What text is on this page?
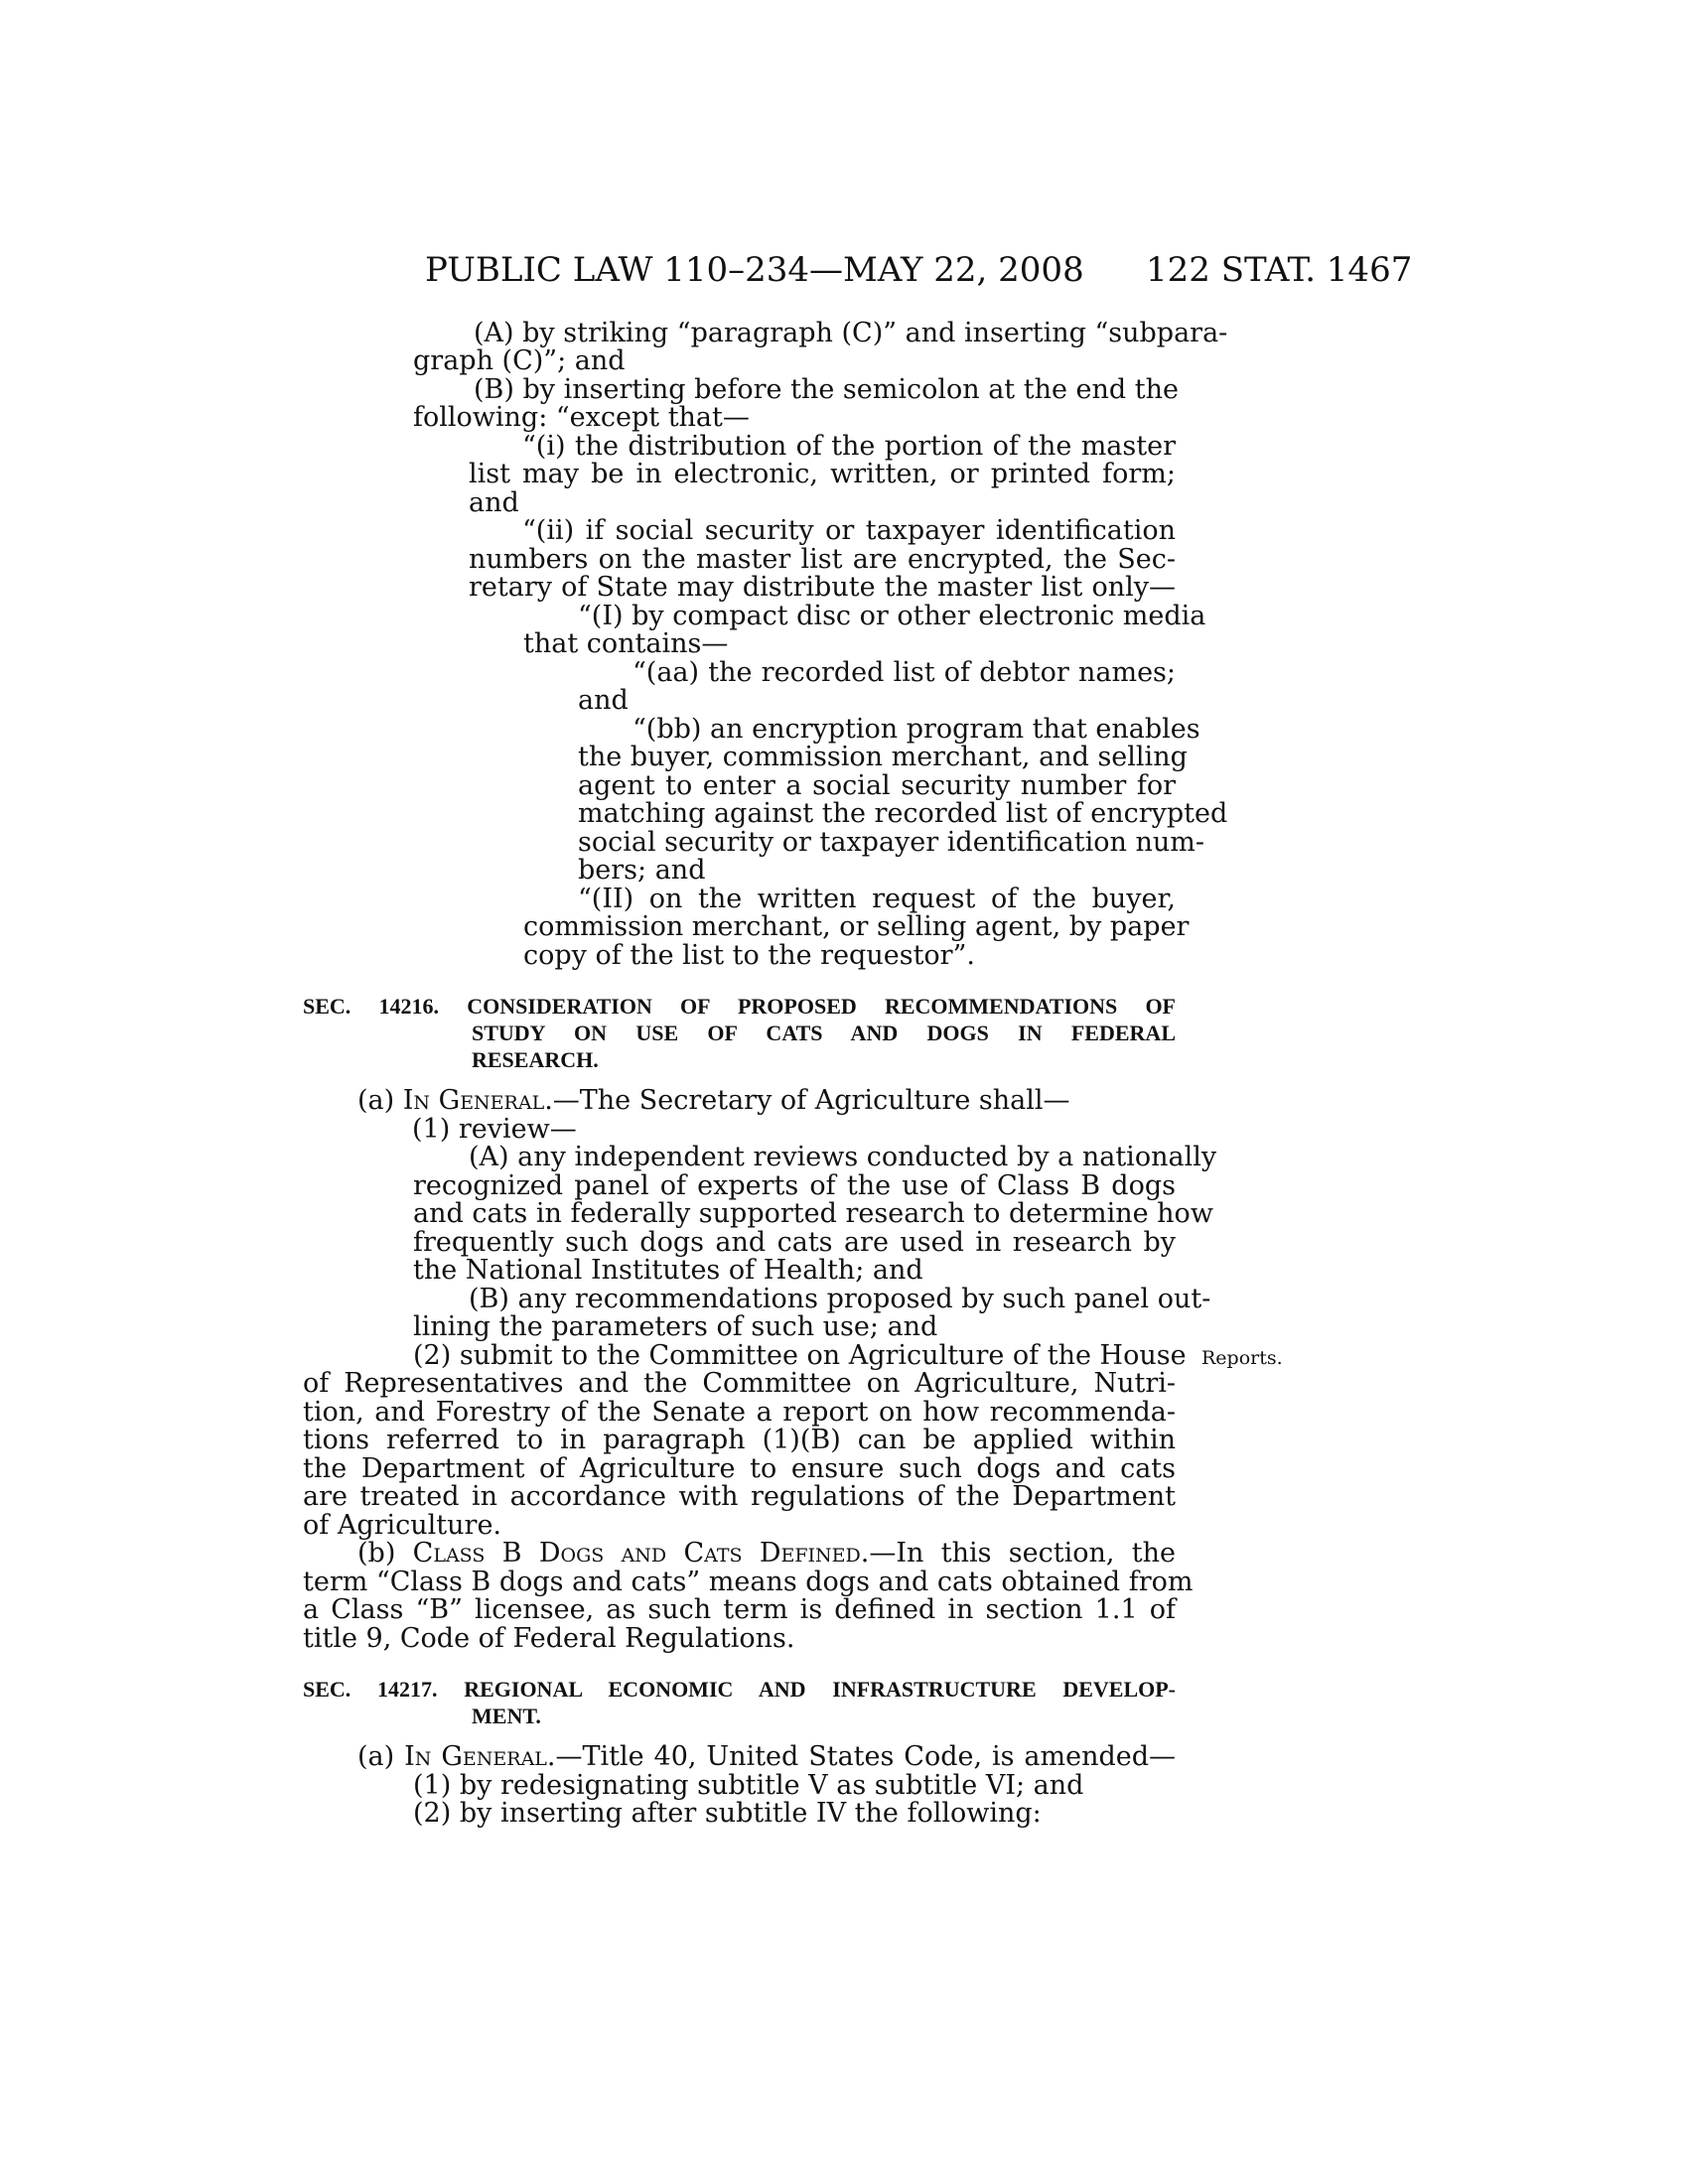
PUBLIC LAW 110–234—MAY 22, 2008 122 STAT. 1467
(A) by striking “paragraph (C)” and inserting “subpara-
graph (C)”; and
(B) by inserting before the semicolon at the end the
following: “except that—
“(i) the distribution of the portion of the master
list may be in electronic, written, or printed form;
and
“(ii) if social security or taxpayer identification
numbers on the master list are encrypted, the Sec-
retary of State may distribute the master list only—
“(I) by compact disc or other electronic media
that contains—
“(aa) the recorded list of debtor names;
and
“(bb) an encryption program that enables
the buyer, commission merchant, and selling
agent to enter a social security number for
matching against the recorded list of encrypted
social security or taxpayer identification num-
bers; and
“(II) on the written request of the buyer,
commission merchant, or selling agent, by paper
copy of the list to the requestor”.
SEC. 14216. CONSIDERATION OF PROPOSED RECOMMENDATIONS OF
STUDY ON USE OF CATS AND DOGS IN FEDERAL
RESEARCH.
(a) In General.—The Secretary of Agriculture shall—
(1) review—
(A) any independent reviews conducted by a nationally
recognized panel of experts of the use of Class B dogs
and cats in federally supported research to determine how
frequently such dogs and cats are used in research by
the National Institutes of Health; and
(B) any recommendations proposed by such panel out-
lining the parameters of such use; and
(2) submit to the Committee on Agriculture of the House
of Representatives and the Committee on Agriculture, Nutri-
tion, and Forestry of the Senate a report on how recommenda-
tions referred to in paragraph (1)(B) can be applied within
the Department of Agriculture to ensure such dogs and cats
are treated in accordance with regulations of the Department
of Agriculture.
Reports.
(b) Class B Dogs and Cats Defined.—In this section, the
term “Class B dogs and cats” means dogs and cats obtained from
a Class “B” licensee, as such term is defined in section 1.1 of
title 9, Code of Federal Regulations.
SEC. 14217. REGIONAL ECONOMIC AND INFRASTRUCTURE DEVELOP-
MENT.
(a) In General.—Title 40, United States Code, is amended—
(1) by redesignating subtitle V as subtitle VI; and
(2) by inserting after subtitle IV the following:
